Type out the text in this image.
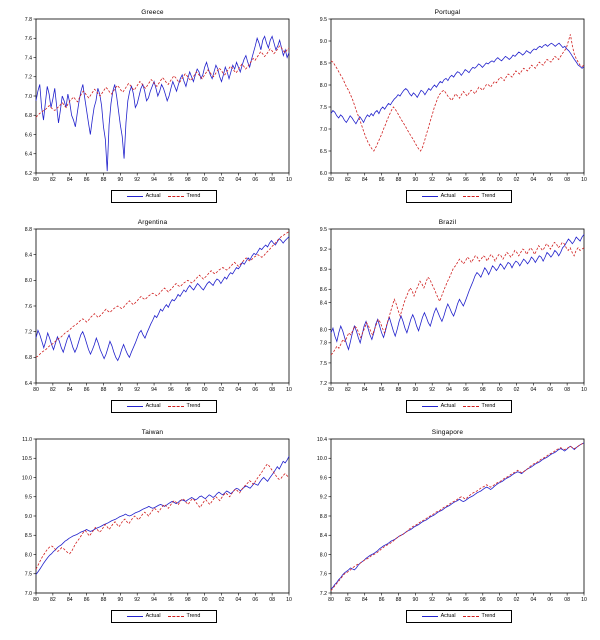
Greece
6.2
6.4
6.6
6.8
7.0
7.2
7.4
7.6
7.8
80 82 84 86 88 90 92 94 96 98 00 02 04 06 08 10
Actual	Trend
Portugal
6.0
6.5
7.0
7.5
8.0
8.5
9.0
9.5
80 82 84 86 88 90 92 94 96 98 00 02 04 06 08 10
Actual	Trend
Argentina
6.4
6.8
7.2
7.6
8.0
8.4
8.8
80 82 84 86 88 90 92 94 96 98 00 02 04 06 08 10
Actual	Trend
Brazil
7.2
7.5
7.8
8.0
8.4
8.6
8.9
9.2
9.5
80 82 84 86 88 90 92 94 96 98 00 02 04 06 08 10
Actual	Trend
Taiwan
7.0
7.5
8.0
8.5
9.0
9.5
10.0
10.5
11.0
80 82 84 86 88 90 92 94 96 98 00 02 04 06 08 10
Actual	Trend
Singapore
7.2
7.6
8.0
8.4
8.8
9.2
9.6
10.0
10.4
80 82 84 86 88 90 92 94 96 98 00 02 04 06 08 10
Actual	Trend
